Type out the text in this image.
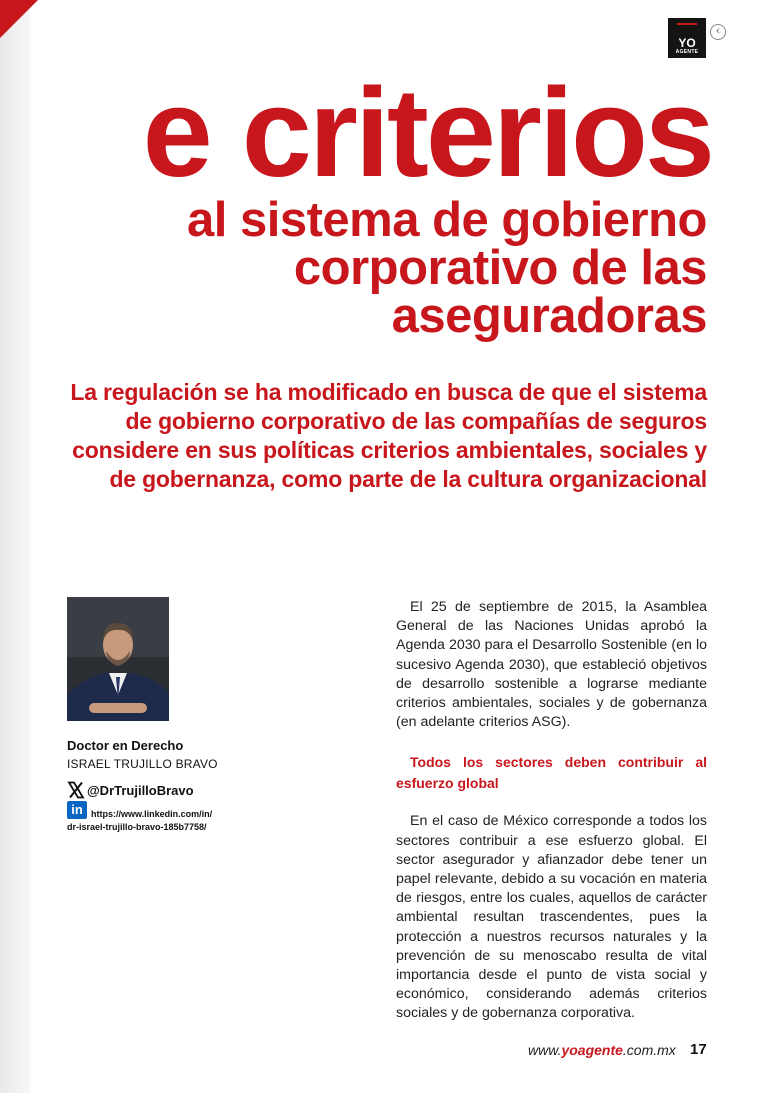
YO
AGENTE
‹
e criterios
al sistema de gobierno corporativo de las aseguradoras

La regulación se ha modificado en busca de que el sistema de gobierno corporativo de las compañías de seguros considere en sus políticas criterios ambientales, sociales y de gobernanza, como parte de la cultura organizacional

Doctor en Derecho
ISRAEL TRUJILLO BRAVO
@DrTrujilloBravo
in https://www.linkedin.com/in/
dr-israel-trujillo-bravo-185b7758/

El 25 de septiembre de 2015, la Asamblea General de las Naciones Unidas aprobó la Agenda 2030 para el Desarrollo Sostenible (en lo sucesivo Agenda 2030), que estableció objetivos de desarrollo sostenible a lograrse mediante criterios ambientales, sociales y de gobernanza (en adelante criterios ASG).

Todos los sectores deben contribuir al esfuerzo global

En el caso de México corresponde a todos los sectores contribuir a ese esfuerzo global. El sector asegurador y afianzador debe tener un papel relevante, debido a su vocación en materia de riesgos, entre los cuales, aquellos de carácter ambiental resultan trascendentes, pues la protección a nuestros recursos naturales y la prevención de su menoscabo resulta de vital importancia desde el punto de vista social y económico, considerando además criterios sociales y de gobernanza corporativa.

www.yoagente.com.mx 17
